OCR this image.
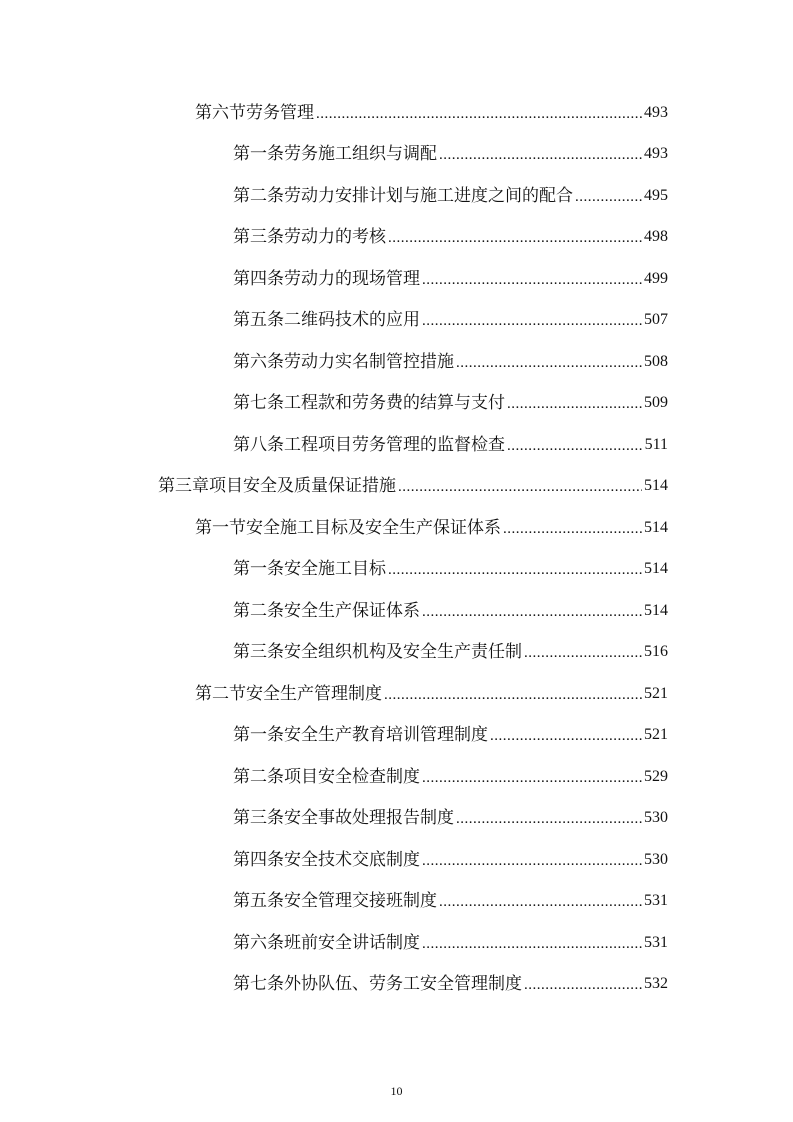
第六节劳务管理 .....	493
第一条劳务施工组织与调配 .....	493
第二条劳动力安排计划与施工进度之间的配合 .....	495
第三条劳动力的考核 .....	498
第四条劳动力的现场管理 .....	499
第五条二维码技术的应用 .....	507
第六条劳动力实名制管控措施 .....	508
第七条工程款和劳务费的结算与支付 .....	509
第八条工程项目劳务管理的监督检查 .....	511
第三章项目安全及质量保证措施 .....	514
第一节安全施工目标及安全生产保证体系 .....	514
第一条安全施工目标 .....	514
第二条安全生产保证体系 .....	514
第三条安全组织机构及安全生产责任制 .....	516
第二节安全生产管理制度 .....	521
第一条安全生产教育培训管理制度 .....	521
第二条项目安全检查制度 .....	529
第三条安全事故处理报告制度 .....	530
第四条安全技术交底制度 .....	530
第五条安全管理交接班制度 .....	531
第六条班前安全讲话制度 .....	531
第七条外协队伍、劳务工安全管理制度 .....	532
10
